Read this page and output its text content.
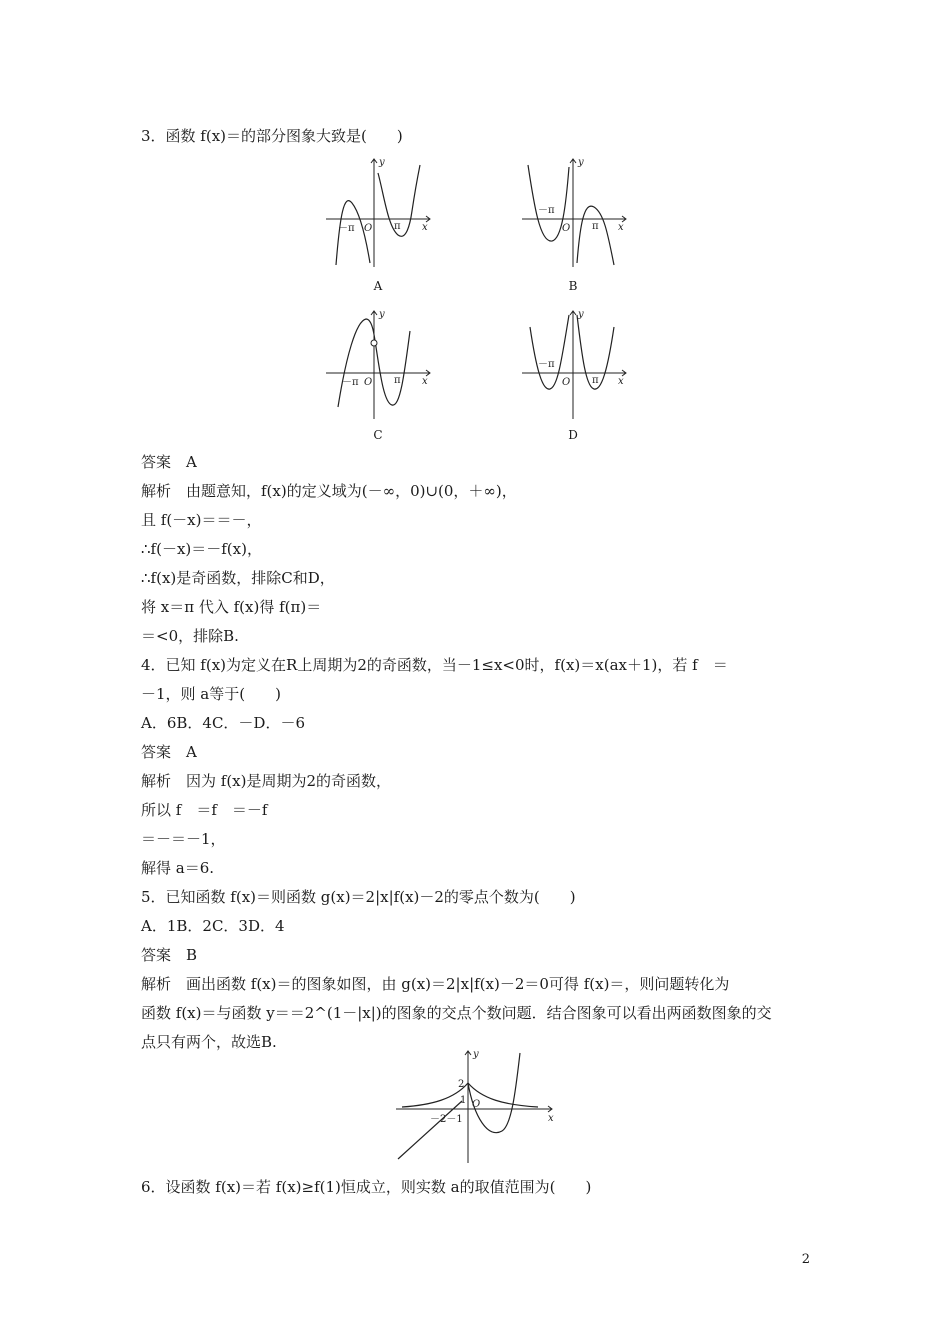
3．函数 f(x)＝的部分图象大致是(　　)
y
x
－π O π
A
y
x
－π
O π
B
y
x
－π O π
C
y
x
－π
O π
D
答案　A
解析　由题意知，f(x)的定义域为(－∞，0)∪(0，＋∞)，
且 f(－x)＝＝－，
∴f(－x)＝－f(x)，
∴f(x)是奇函数，排除C和D，
将 x＝π 代入 f(x)得 f(π)＝
＝<0，排除B.
4．已知 f(x)为定义在R上周期为2的奇函数，当－1≤x<0时，f(x)＝x(ax＋1)，若 f　＝
－1，则 a等于(　　)
A．6B．4C．－D．－6
答案　A
解析　因为 f(x)是周期为2的奇函数，
所以 f　＝f　＝－f
＝－＝－1，
解得 a＝6.
5．已知函数 f(x)＝则函数 g(x)＝2|x|f(x)－2的零点个数为(　　)
A．1B．2C．3D．4
答案　B
解析　画出函数 f(x)＝的图象如图，由 g(x)＝2|x|f(x)－2＝0可得 f(x)＝，则问题转化为
函数 f(x)＝与函数 y＝＝2^(1－|x|)的图象的交点个数问题．结合图象可以看出两函数图象的交
点只有两个，故选B.
y
x
2
1 O
－2－1
6．设函数 f(x)＝若 f(x)≥f(1)恒成立，则实数 a的取值范围为(　　)
2
